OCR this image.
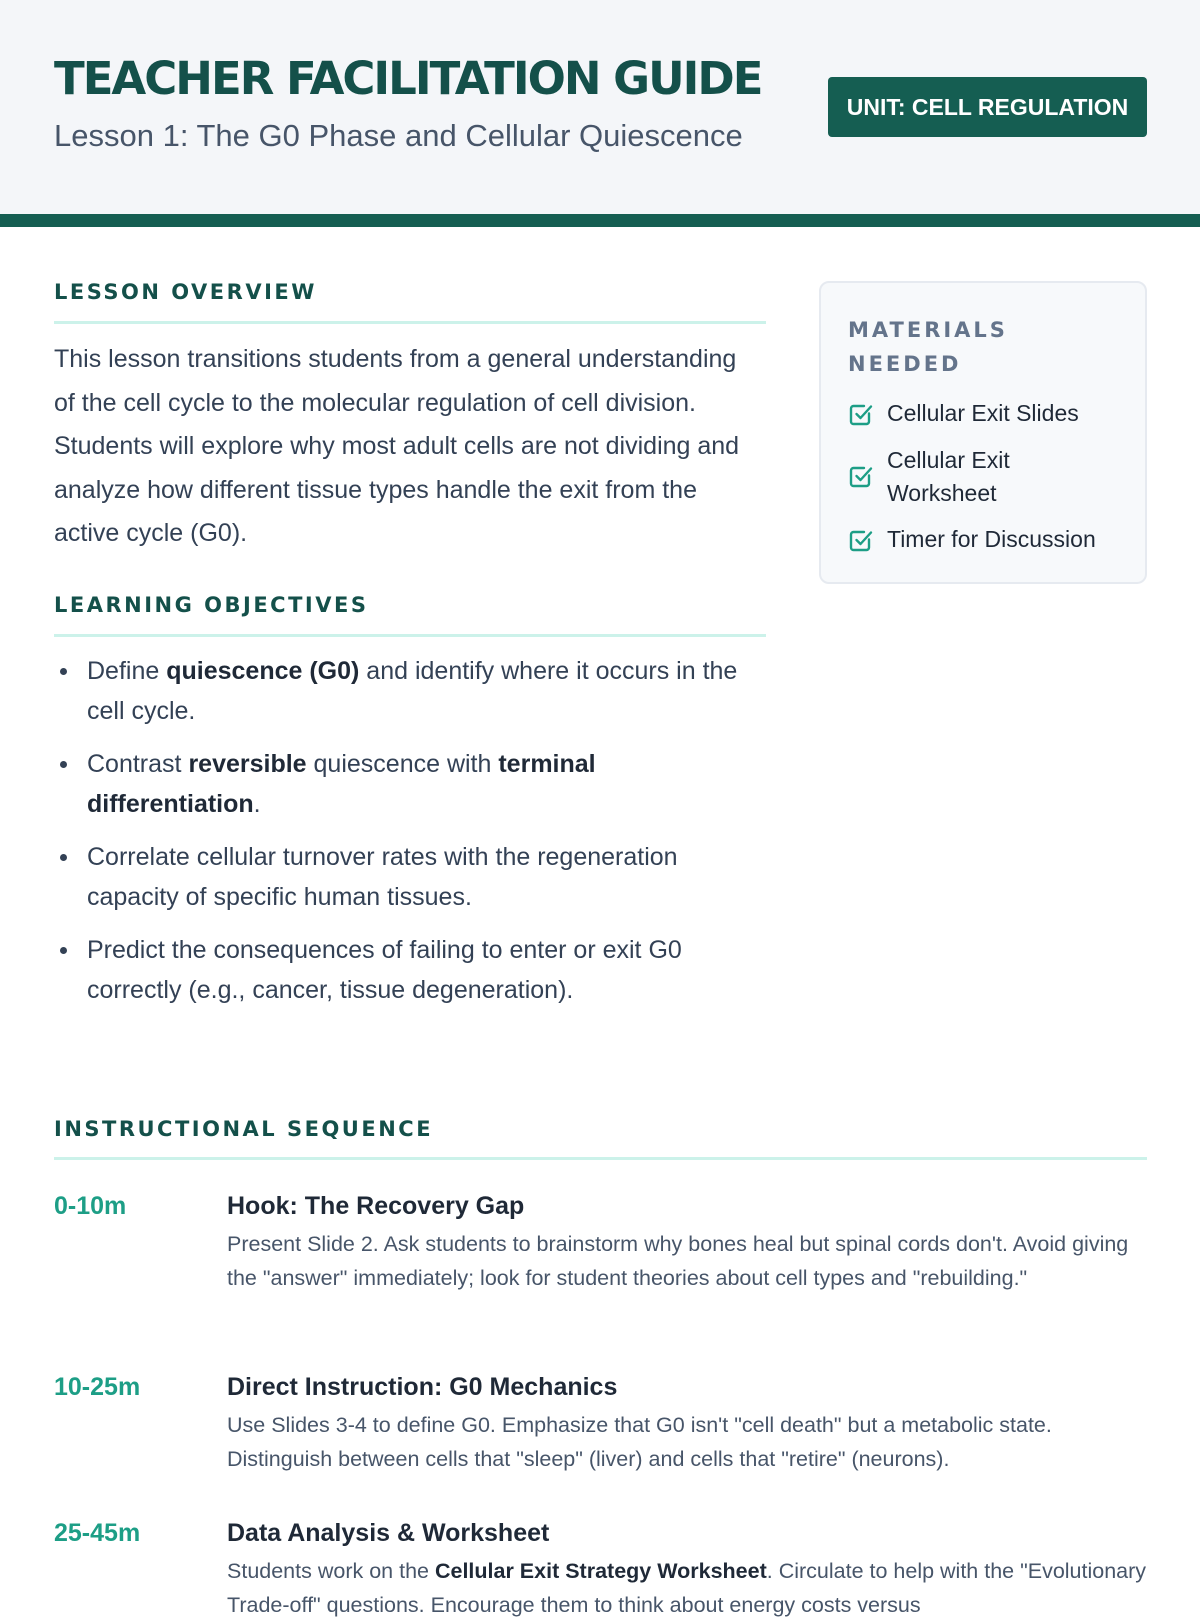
TEACHER FACILITATION GUIDE
Lesson 1: The G0 Phase and Cellular Quiescence
UNIT: CELL REGULATION
LESSON OVERVIEW

This lesson transitions students from a general understanding of the cell cycle to the molecular regulation of cell division. Students will explore why most adult cells are not dividing and analyze how different tissue types handle the exit from the active cycle (G0).

LEARNING OBJECTIVES
Define quiescence (G0) and identify where it occurs in the cell cycle.
Contrast reversible quiescence with terminal differentiation.
Correlate cellular turnover rates with the regeneration capacity of specific human tissues.
Predict the consequences of failing to enter or exit G0 correctly (e.g., cancer, tissue degeneration).
MATERIALS NEEDED
Cellular Exit Slides
Cellular Exit Worksheet
Timer for Discussion
INSTRUCTIONAL SEQUENCE
0-10m	Hook: The Recovery Gap

Present Slide 2. Ask students to brainstorm why bones heal but spinal cords don't. Avoid giving the "answer" immediately; look for student theories about cell types and "rebuilding."

10-25m	Direct Instruction: G0 Mechanics

Use Slides 3-4 to define G0. Emphasize that G0 isn't "cell death" but a metabolic state. Distinguish between cells that "sleep" (liver) and cells that "retire" (neurons).

25-45m	Data Analysis & Worksheet

Students work on the Cellular Exit Strategy Worksheet. Circulate to help with the "Evolutionary Trade-off" questions. Encourage them to think about energy costs versus
